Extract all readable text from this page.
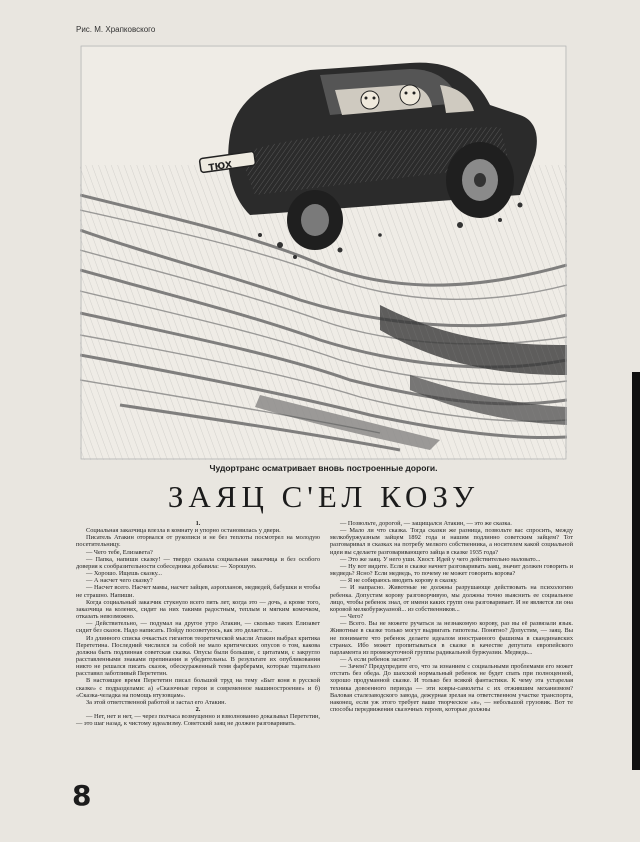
Рис. М. Храпковского
ТЮХ
Чудортранс осматривает вновь построенные дороги.
ЗАЯЦ С'ЕЛ КОЗУ

1.

Социальная заказчица влезла в комнату и упорно остановилась у двери.

Писатель Атакин оторвался от рукописи и не без теплоты посмотрел на молодую посетительницу.

— Чего тебе, Елизавета?

— Папка, напиши сказку! — твердо сказала социальная заказчица и без особого доверия к сообразительности собеседника добавила: — Хорошую.

— Хорошо. Ищешь сказку...

— А насчет чего сказку?

— Насчет всего. Насчет мамы, насчет зайцев, аэропланов, медведей, бабушки и чтобы не страшно. Напиши.

Когда социальный заказчик стукнуло всего пять лет, когда это — дочь, а кроме того, заказчица на коленях, сидит на них такими радостным, теплым и мягким комочком, отказать невозможно.

— Действительно, — подумал на другое утро Атакин, — сколько таких Елизавет сидит без сказок. Надо написать. Пойду посоветуюсь, как это делается...

Из длинного списка очкастых гигантов теоретической мысли Атакин выбрал критика Перететина. Последний числился за собой не мало критических опусов о том, какова должна быть подлинная советская сказка. Опусы были большие, с цитатами, с закругло расставленными знаками препинания и убедительны. В результате их опубликования никто не решался писать сказок, обескураженный темя фарберами, которые тщательно расставил заботливый Перететин.

В настоящее время Перететин писал большой труд на тему «Быт коня в русской сказке» с подразделами: а) «Сказочные герои и современное машиностроение» и б) «Сказка-челадка на помощь втузовцам».

За этой ответственной работой и застал его Атакин.

2.

— Нет, нет и нет, — через полчаса возмущенно и взволнованно доказывал Перететин, — это шаг назад, к чистому идеализму. Советский заяц не должен разговаривать.

— Позвольте, дорогой, — защищался Атакин, — это же сказка.

— Мало ли что сказка. Тогда сказки же разница, позвольте вас спросить, между мелкобуржуазным зайцем 1892 года и нашим подлинно советским зайцем? Тот разговаривал в сказках на потребу мелкого собственника, а носителем какой социальной идеи вы сделаете разговаривающего зайца в сказке 1935 года?

— Это же заяц. У него уши. Хвост. Идей у чего действительно маловато...

— Ну вот видите. Если в сказке начнет разговаривать заяц, значит должен говорить и медведь? Ясно? Если медведь, то почему не может говорить корова?

— Я не собираюсь вводить корову в сказку.

— И напрасно. Животные не должны разрушающе действовать на психологию ребенка. Допустим корову разговорчивую, мы должны точно выяснить ее социальное лицо, чтобы ребенок знал, от имени каких групп она разговаривает. И не является ли она коровой мелкобуржуазной... из собственников...

— Чего?

— Всего. Вы не можете ручаться за незнакомую корову, раз вы её развязали язык. Животные в сказке только могут выдвигать гипотезы. Понятно? Допустим, — заяц. Вы не понимаете что ребенок делаете идеалом иностранного фашизма в скандинавских странах. Ибо может пропитываться в сказке в качестве депутата европейского парламента из промежуточной группы радикальной буржуазии. Медведь...

— А если ребенок заснет?

— Зачем? Предупредите его, что за изнанием с социальными проблемами его может отстать без обеда. До шахской нормальный ребенок не будет спать при полноценной, хорошо продуманной сказке. И только без всякой фантастики. К чему эта устарелая техника довоенного периода — эти ковры-самолеты с их отжившим механизмом? Валовая сталезаводского завода, дежурная зрелая на ответственном участке транспорта, наконец, если уж этого требует ваше творческое «я», — небольшой грузовик. Вот те способы передвижения сказочных героев, которые должны

8
